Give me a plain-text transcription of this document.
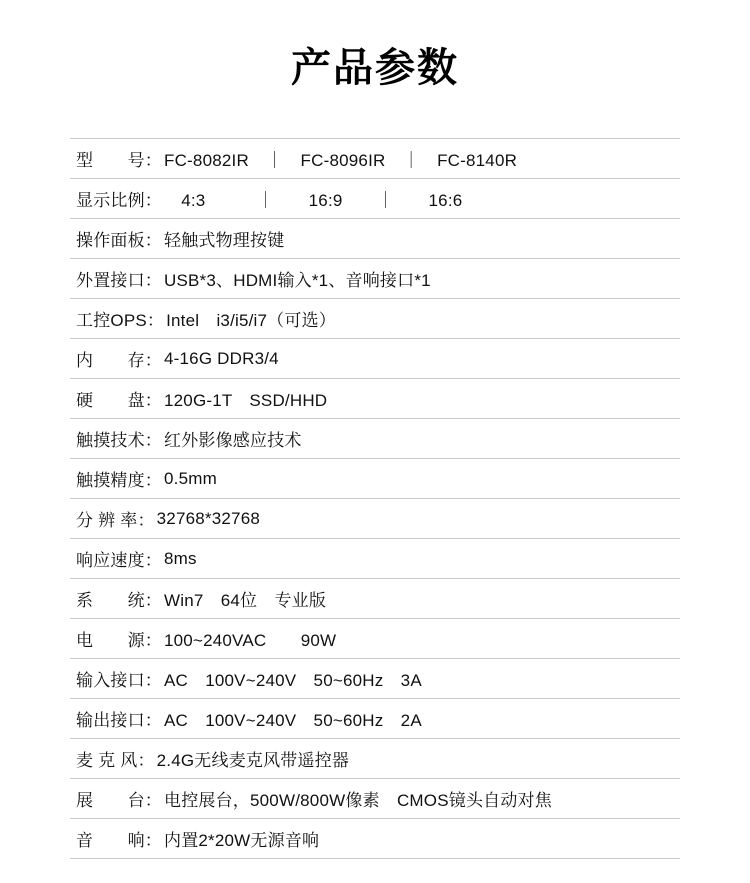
产品参数
型　　号： FC-8082IR　｜　FC-8096IR　｜　FC-8140R

显示比例： 　4:3　　　｜　　16:9　　｜　　16:6

操作面板： 轻触式物理按键

外置接口： USB*3、HDMI输入*1、音响接口*1

工控OPS： Intel　i3/i5/i7（可选）

内　　存： 4-16G DDR3/4

硬　　盘： 120G-1T　SSD/HHD

触摸技术： 红外影像感应技术

触摸精度： 0.5mm

分 辨 率： 32768*32768

响应速度： 8ms

系　　统： Win7　64位　专业版

电　　源： 100~240VAC　　90W

输入接口： AC　100V~240V　50~60Hz　3A

输出接口： AC　100V~240V　50~60Hz　2A

麦 克 风： 2.4G无线麦克风带遥控器

展　　台： 电控展台，500W/800W像素　CMOS镜头自动对焦

音　　响： 内置2*20W无源音响
